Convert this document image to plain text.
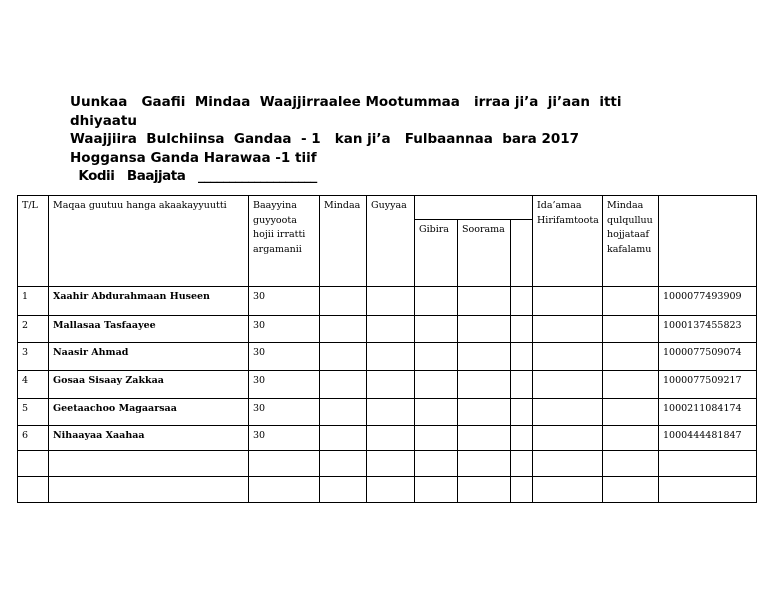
Uunkaa   Gaafii  Mindaa  Waajjirraalee Mootummaa   irraa ji’a  ji’aan  itti
dhiyaatu
Waajjiira  Bulchiinsa  Gandaa  - 1   kan ji’a   Fulbaannaa  bara 2017
Hoggansa Ganda Harawaa -1 tiif
Kodii   Baajjata   ___________________
T/L	Maqaa guutuu hanga akaakayyuutti	Baayyina guyyoota hojii irratti argamanii	Mindaa	Guyyaa				Ida’amaa Hirifamtoota	Mindaa qulqulluu hojjataaf kafalamu	
					Gibira	Soorama				
1	Xaahir Abdurahmaan Huseen	30								1000077493909
2	Mallasaa Tasfaayee	30								1000137455823
3	Naasir Ahmad	30								1000077509074
4	Gosaa Sisaay Zakkaa	30								1000077509217
5	Geetaachoo Magaarsaa	30								1000211084174
6	Nihaayaa Xaahaa	30								1000444481847
